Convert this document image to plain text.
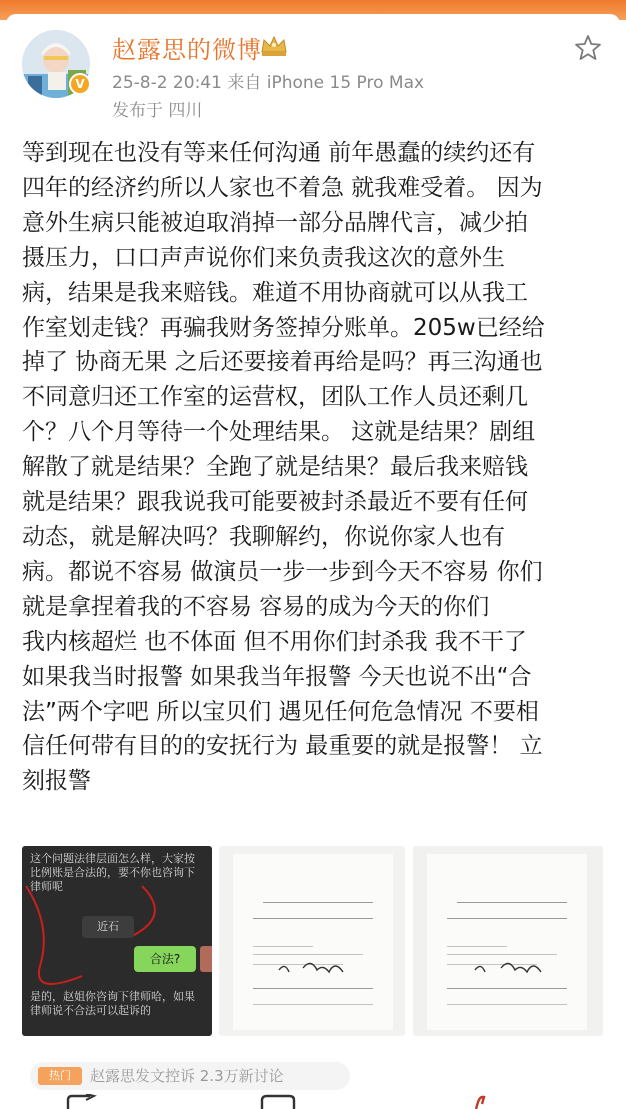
V
赵露思的微博
25-8-2 20:41 来自 iPhone 15 Pro Max
发布于 四川
等到现在也没有等来任何沟通 前年愚蠢的续约还有
四年的经济约所以人家也不着急 就我难受着。 因为
意外生病只能被迫取消掉一部分品牌代言，减少拍
摄压力，口口声声说你们来负责我这次的意外生
病，结果是我来赔钱。难道不用协商就可以从我工
作室划走钱？再骗我财务签掉分账单。205w已经给
掉了 协商无果 之后还要接着再给是吗？再三沟通也
不同意归还工作室的运营权，团队工作人员还剩几
个？八个月等待一个处理结果。 这就是结果？剧组
解散了就是结果？全跑了就是结果？最后我来赔钱
就是结果？跟我说我可能要被封杀最近不要有任何
动态，就是解决吗？我聊解约，你说你家人也有
病。都说不容易 做演员一步一步到今天不容易 你们
就是拿捏着我的不容易 容易的成为今天的你们
我内核超烂 也不体面 但不用你们封杀我 我不干了
如果我当时报警 如果我当年报警 今天也说不出“合
法”两个字吧 所以宝贝们 遇见任何危急情况 不要相
信任何带有目的的安抚行为 最重要的就是报警！ 立
刻报警
这个问题法律层面怎么样，大家按比例账是合法的，要不你也咨询下律师呢
近石
合法?
是的，赵姐你咨询下律师哈，如果律师说不合法可以起诉的
热门	赵露思发文控诉 2.3万新讨论
